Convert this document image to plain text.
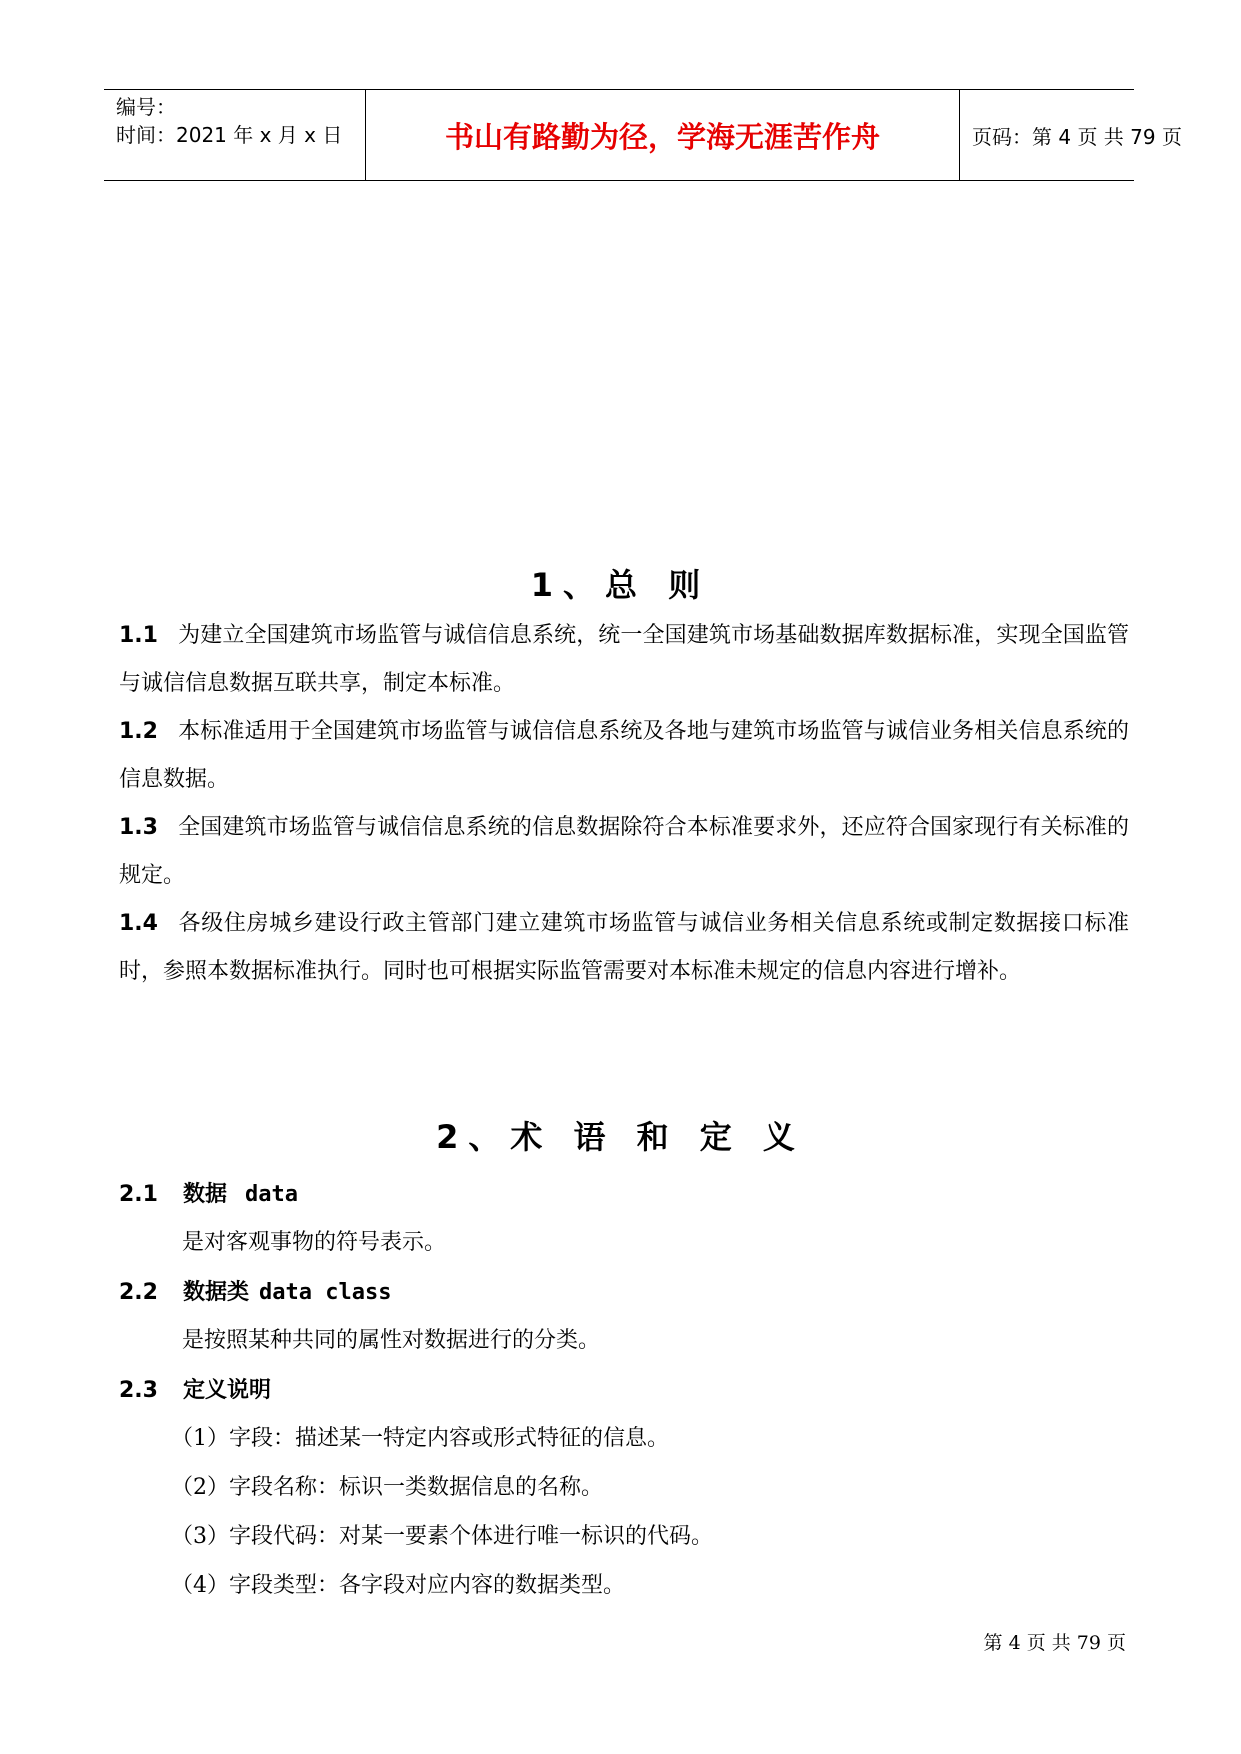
编号：
时间：2021 年 x 月 x 日	书山有路勤为径，学海无涯苦作舟	页码：第 4 页 共 79 页
1、总 则
1.1 为建立全国建筑市场监管与诚信信息系统，统一全国建筑市场基础数据库数据标准，实现全国监管与诚信信息数据互联共享，制定本标准。
1.2 本标准适用于全国建筑市场监管与诚信信息系统及各地与建筑市场监管与诚信业务相关信息系统的信息数据。
1.3 全国建筑市场监管与诚信信息系统的信息数据除符合本标准要求外，还应符合国家现行有关标准的规定。
1.4 各级住房城乡建设行政主管部门建立建筑市场监管与诚信业务相关信息系统或制定数据接口标准时，参照本数据标准执行。同时也可根据实际监管需要对本标准未规定的信息内容进行增补。
2、术 语 和 定 义
2.1 数据 data
是对客观事物的符号表示。
2.2 数据类 data class
是按照某种共同的属性对数据进行的分类。
2.3 定义说明
（1）字段：描述某一特定内容或形式特征的信息。
（2）字段名称：标识一类数据信息的名称。
（3）字段代码：对某一要素个体进行唯一标识的代码。
（4）字段类型：各字段对应内容的数据类型。
第 4 页 共 79 页
